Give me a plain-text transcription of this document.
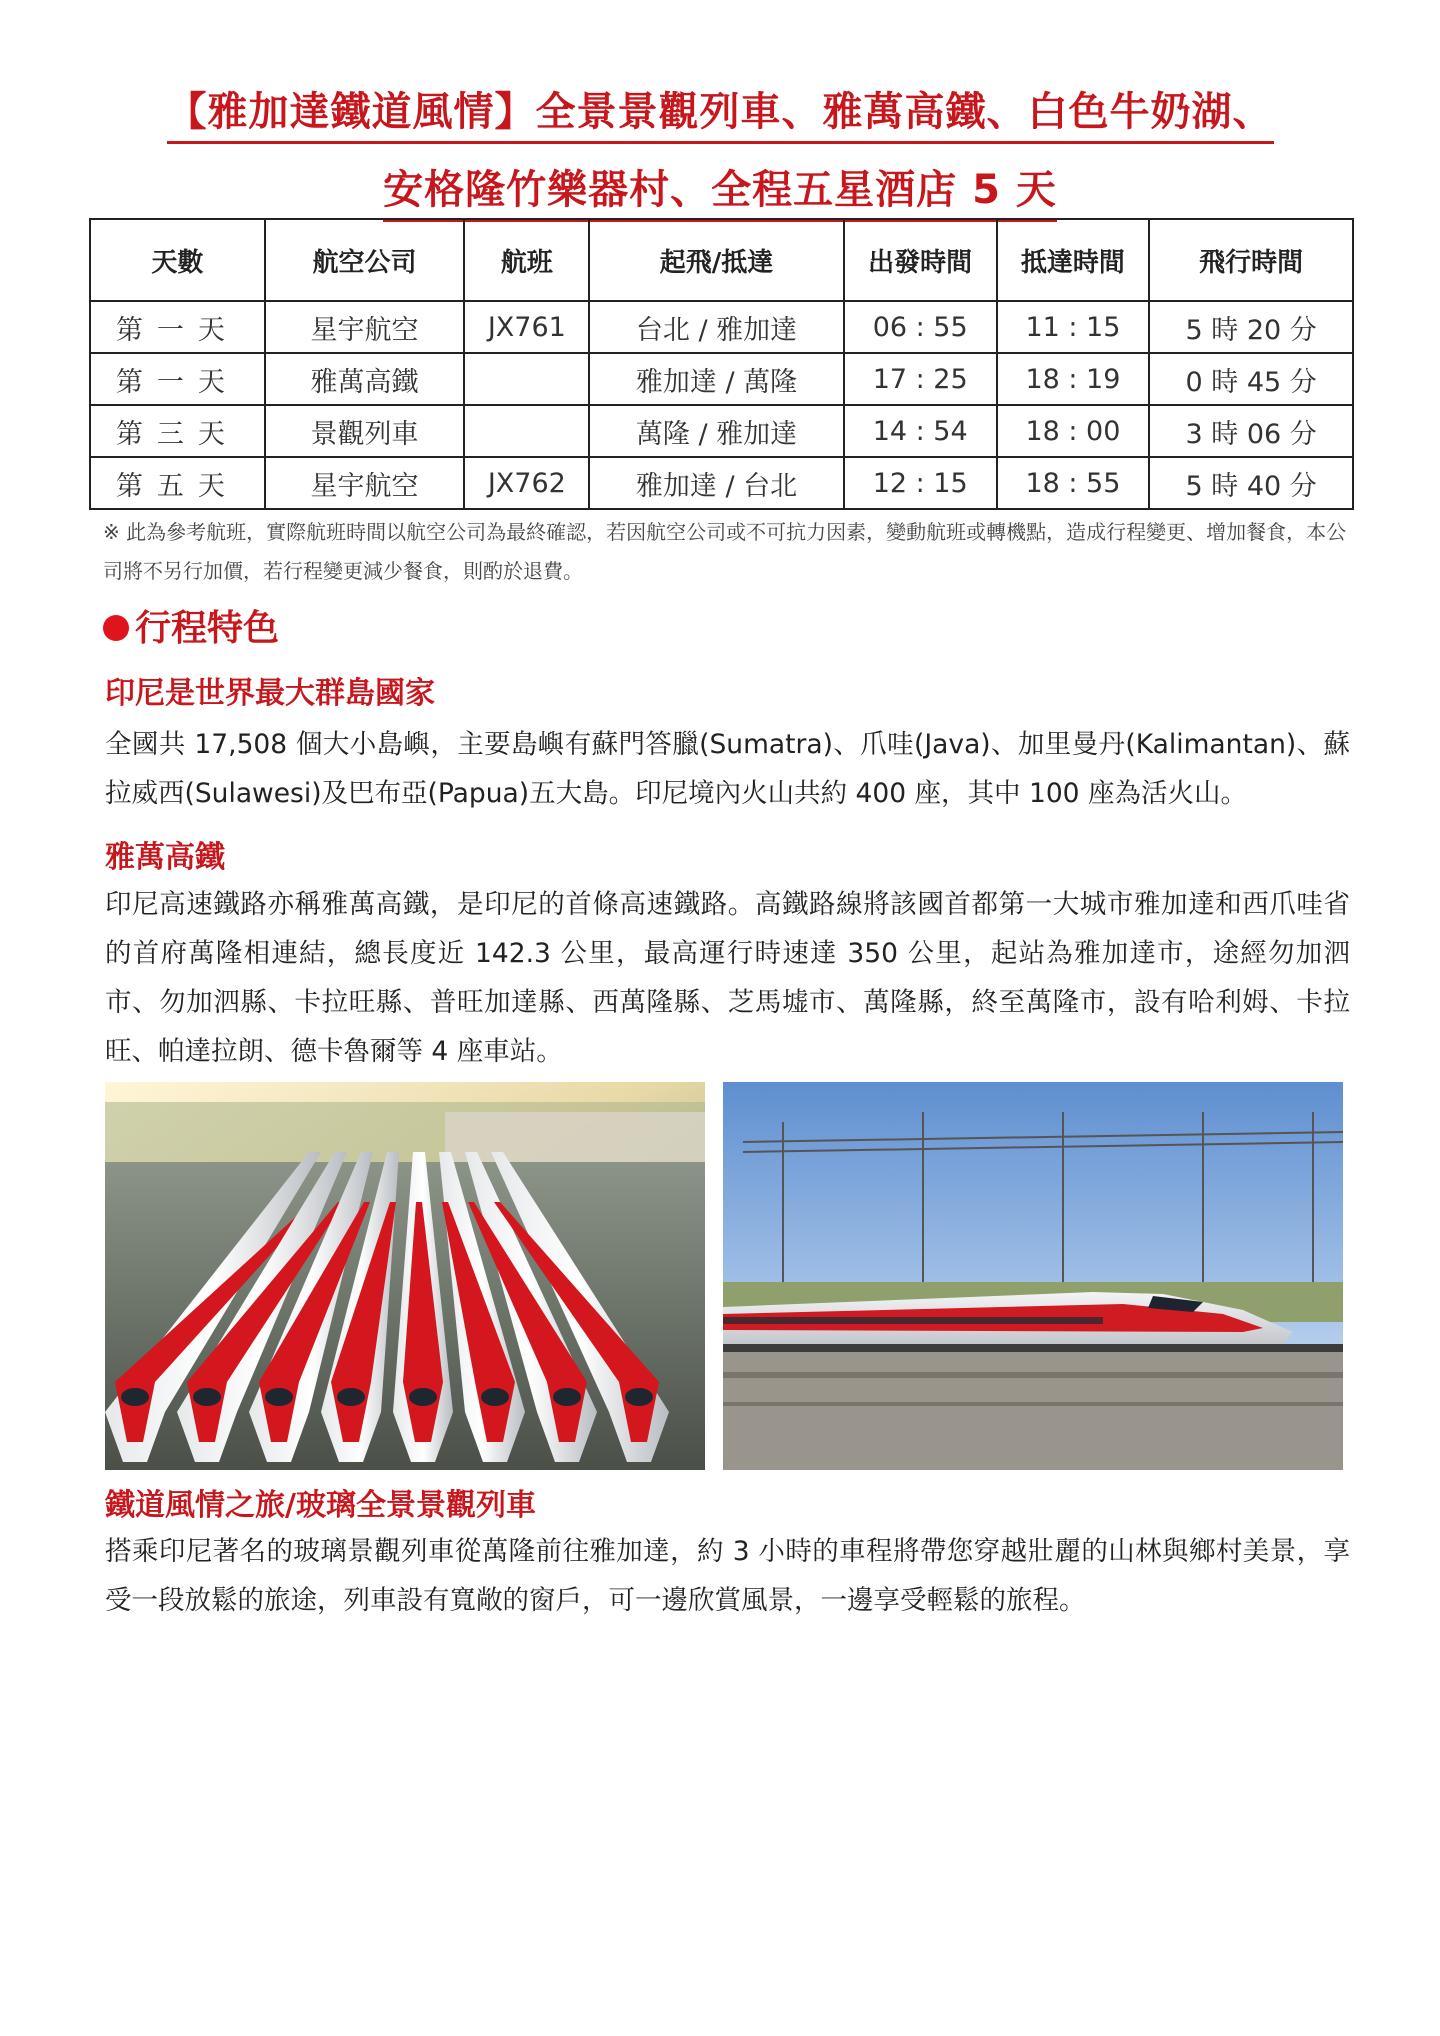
【雅加達鐵道風情】全景景觀列車、雅萬高鐵、白色牛奶湖、
安格隆竹樂器村、全程五星酒店 5 天
天數	航空公司	航班	起飛/抵達	出發時間	抵達時間	飛行時間
第一天	星宇航空	JX761	台北 / 雅加達	06 : 55	11 : 15	5 時 20 分
第一天	雅萬高鐵		雅加達 / 萬隆	17 : 25	18 : 19	0 時 45 分
第三天	景觀列車		萬隆 / 雅加達	14 : 54	18 : 00	3 時 06 分
第五天	星宇航空	JX762	雅加達 / 台北	12 : 15	18 : 55	5 時 40 分
※ 此為參考航班，實際航班時間以航空公司為最終確認，若因航空公司或不可抗力因素，變動航班或轉機點，造成行程變更、增加餐食，本公司將不另行加價，若行程變更減少餐食，則酌於退費。
行程特色
印尼是世界最大群島國家
全國共 17,508 個大小島嶼，主要島嶼有蘇門答臘(Sumatra)、爪哇(Java)、加里曼丹(Kalimantan)、蘇拉威西(Sulawesi)及巴布亞(Papua)五大島。印尼境內火山共約 400 座，其中 100 座為活火山。
雅萬高鐵
印尼高速鐵路亦稱雅萬高鐵，是印尼的首條高速鐵路。高鐵路線將該國首都第一大城市雅加達和西爪哇省的首府萬隆相連結，總長度近 142.3 公里，最高運行時速達 350 公里，起站為雅加達市，途經勿加泗市、勿加泗縣、卡拉旺縣、普旺加達縣、西萬隆縣、芝馬墟市、萬隆縣，終至萬隆市，設有哈利姆、卡拉旺、帕達拉朗、德卡魯爾等 4 座車站。
鐵道風情之旅/玻璃全景景觀列車
搭乘印尼著名的玻璃景觀列車從萬隆前往雅加達，約 3 小時的車程將帶您穿越壯麗的山林與鄉村美景，享受一段放鬆的旅途，列車設有寬敞的窗戶，可一邊欣賞風景，一邊享受輕鬆的旅程。
